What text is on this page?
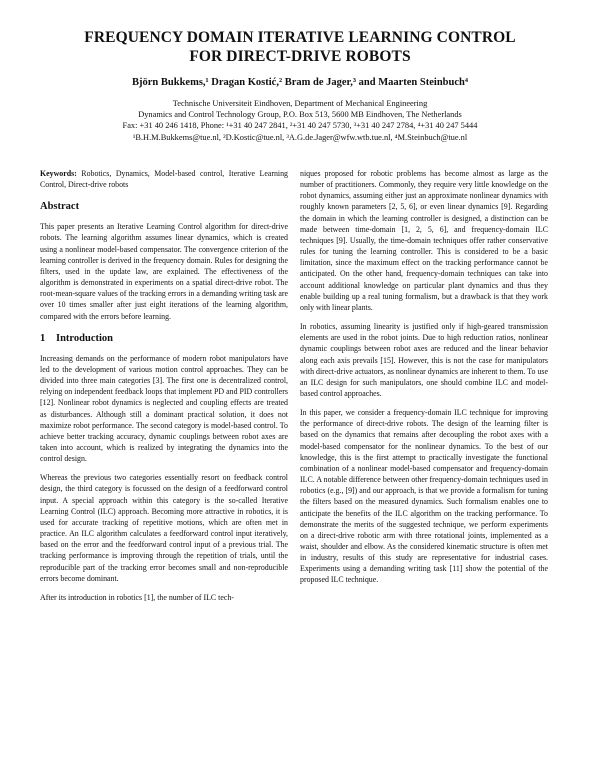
FREQUENCY DOMAIN ITERATIVE LEARNING CONTROL
FOR DIRECT-DRIVE ROBOTS
Björn Bukkems,¹ Dragan Kostić,² Bram de Jager,³ and Maarten Steinbuch⁴
Technische Universiteit Eindhoven, Department of Mechanical Engineering
Dynamics and Control Technology Group, P.O. Box 513, 5600 MB Eindhoven, The Netherlands
Fax: +31 40 246 1418, Phone: ¹+31 40 247 2841, ²+31 40 247 5730, ³+31 40 247 2784, ⁴+31 40 247 5444
¹B.H.M.Bukkems@tue.nl, ²D.Kostic@tue.nl, ³A.G.de.Jager@wfw.wtb.tue.nl, ⁴M.Steinbuch@tue.nl

Keywords: Robotics, Dynamics, Model-based control, Iterative Learning Control, Direct-drive robots

Abstract

This paper presents an Iterative Learning Control algorithm for direct-drive robots. The learning algorithm assumes linear dynamics, which is created using a nonlinear model-based compensator. The convergence criterion of the learning controller is derived in the frequency domain. Rules for designing the filters, used in the update law, are explained. The effectiveness of the algorithm is demonstrated in experiments on a spatial direct-drive robot. The root-mean-square values of the tracking errors in a demanding writing task are over 10 times smaller after just eight iterations of the learning algorithm, compared with the errors before learning.

1 Introduction

Increasing demands on the performance of modern robot manipulators have led to the development of various motion control approaches. They can be divided into three main categories [3]. The first one is decentralized control, relying on independent feedback loops that implement PD and PID controllers [12]. Nonlinear robot dynamics is neglected and coupling effects are treated as disturbances. Although still a dominant practical solution, it does not maximize robot performance. The second category is model-based control. To achieve better tracking accuracy, dynamic couplings between robot axes are taken into account, which is realized by integrating the dynamics into the control design.

Whereas the previous two categories essentially resort on feedback control design, the third category is focussed on the design of a feedforward control input. A special approach within this category is the so-called Iterative Learning Control (ILC) approach. Becoming more attractive in robotics, it is used for accurate tracking of repetitive motions, which are often met in practice. An ILC algorithm calculates a feedforward control input iteratively, based on the error and the feedforward control input of a previous trial. The tracking performance is improving through the repetition of trials, until the reproducible part of the tracking error becomes small and non-reproducible errors become dominant.

After its introduction in robotics [1], the number of ILC tech-

niques proposed for robotic problems has become almost as large as the number of practitioners. Commonly, they require very little knowledge on the robot dynamics, assuming either just an approximate nonlinear dynamics with roughly known parameters [2, 5, 6], or even linear dynamics [9]. Regarding the domain in which the learning controller is designed, a distinction can be made between time-domain [1, 2, 5, 6], and frequency-domain ILC techniques [9]. Usually, the time-domain techniques offer rather conservative rules for tuning the learning controller. This is considered to be a basic limitation, since the maximum effect on the tracking performance cannot be anticipated. On the other hand, frequency-domain techniques can take into account additional knowledge on particular plant dynamics and thus they enable building up a real tuning formalism, but a drawback is that they work only with linear plants.

In robotics, assuming linearity is justified only if high-geared transmission elements are used in the robot joints. Due to high reduction ratios, nonlinear dynamic couplings between robot axes are reduced and the linear behavior along each axis prevails [15]. However, this is not the case for manipulators with direct-drive actuators, as nonlinear dynamics are inherent to them. To use an ILC design for such manipulators, one should combine ILC and model-based control approaches.

In this paper, we consider a frequency-domain ILC technique for improving the performance of direct-drive robots. The design of the learning filter is based on the dynamics that remains after decoupling the robot axes with a model-based compensator for the nonlinear dynamics. To the best of our knowledge, this is the first attempt to practically investigate the functional combination of a nonlinear model-based compensator and frequency-domain ILC. A notable difference between other frequency-domain techniques used in robotics (e.g., [9]) and our approach, is that we provide a formalism for tuning the filters based on the measured dynamics. Such formalism enables one to anticipate the benefits of the ILC algorithm on the tracking performance. To demonstrate the merits of the suggested technique, we perform experiments on a direct-drive robotic arm with three rotational joints, implemented as a waist, shoulder and elbow. As the considered kinematic structure is often met in industry, results of this study are representative for industrial cases. Experiments using a demanding writing task [11] show the potential of the proposed ILC technique.
